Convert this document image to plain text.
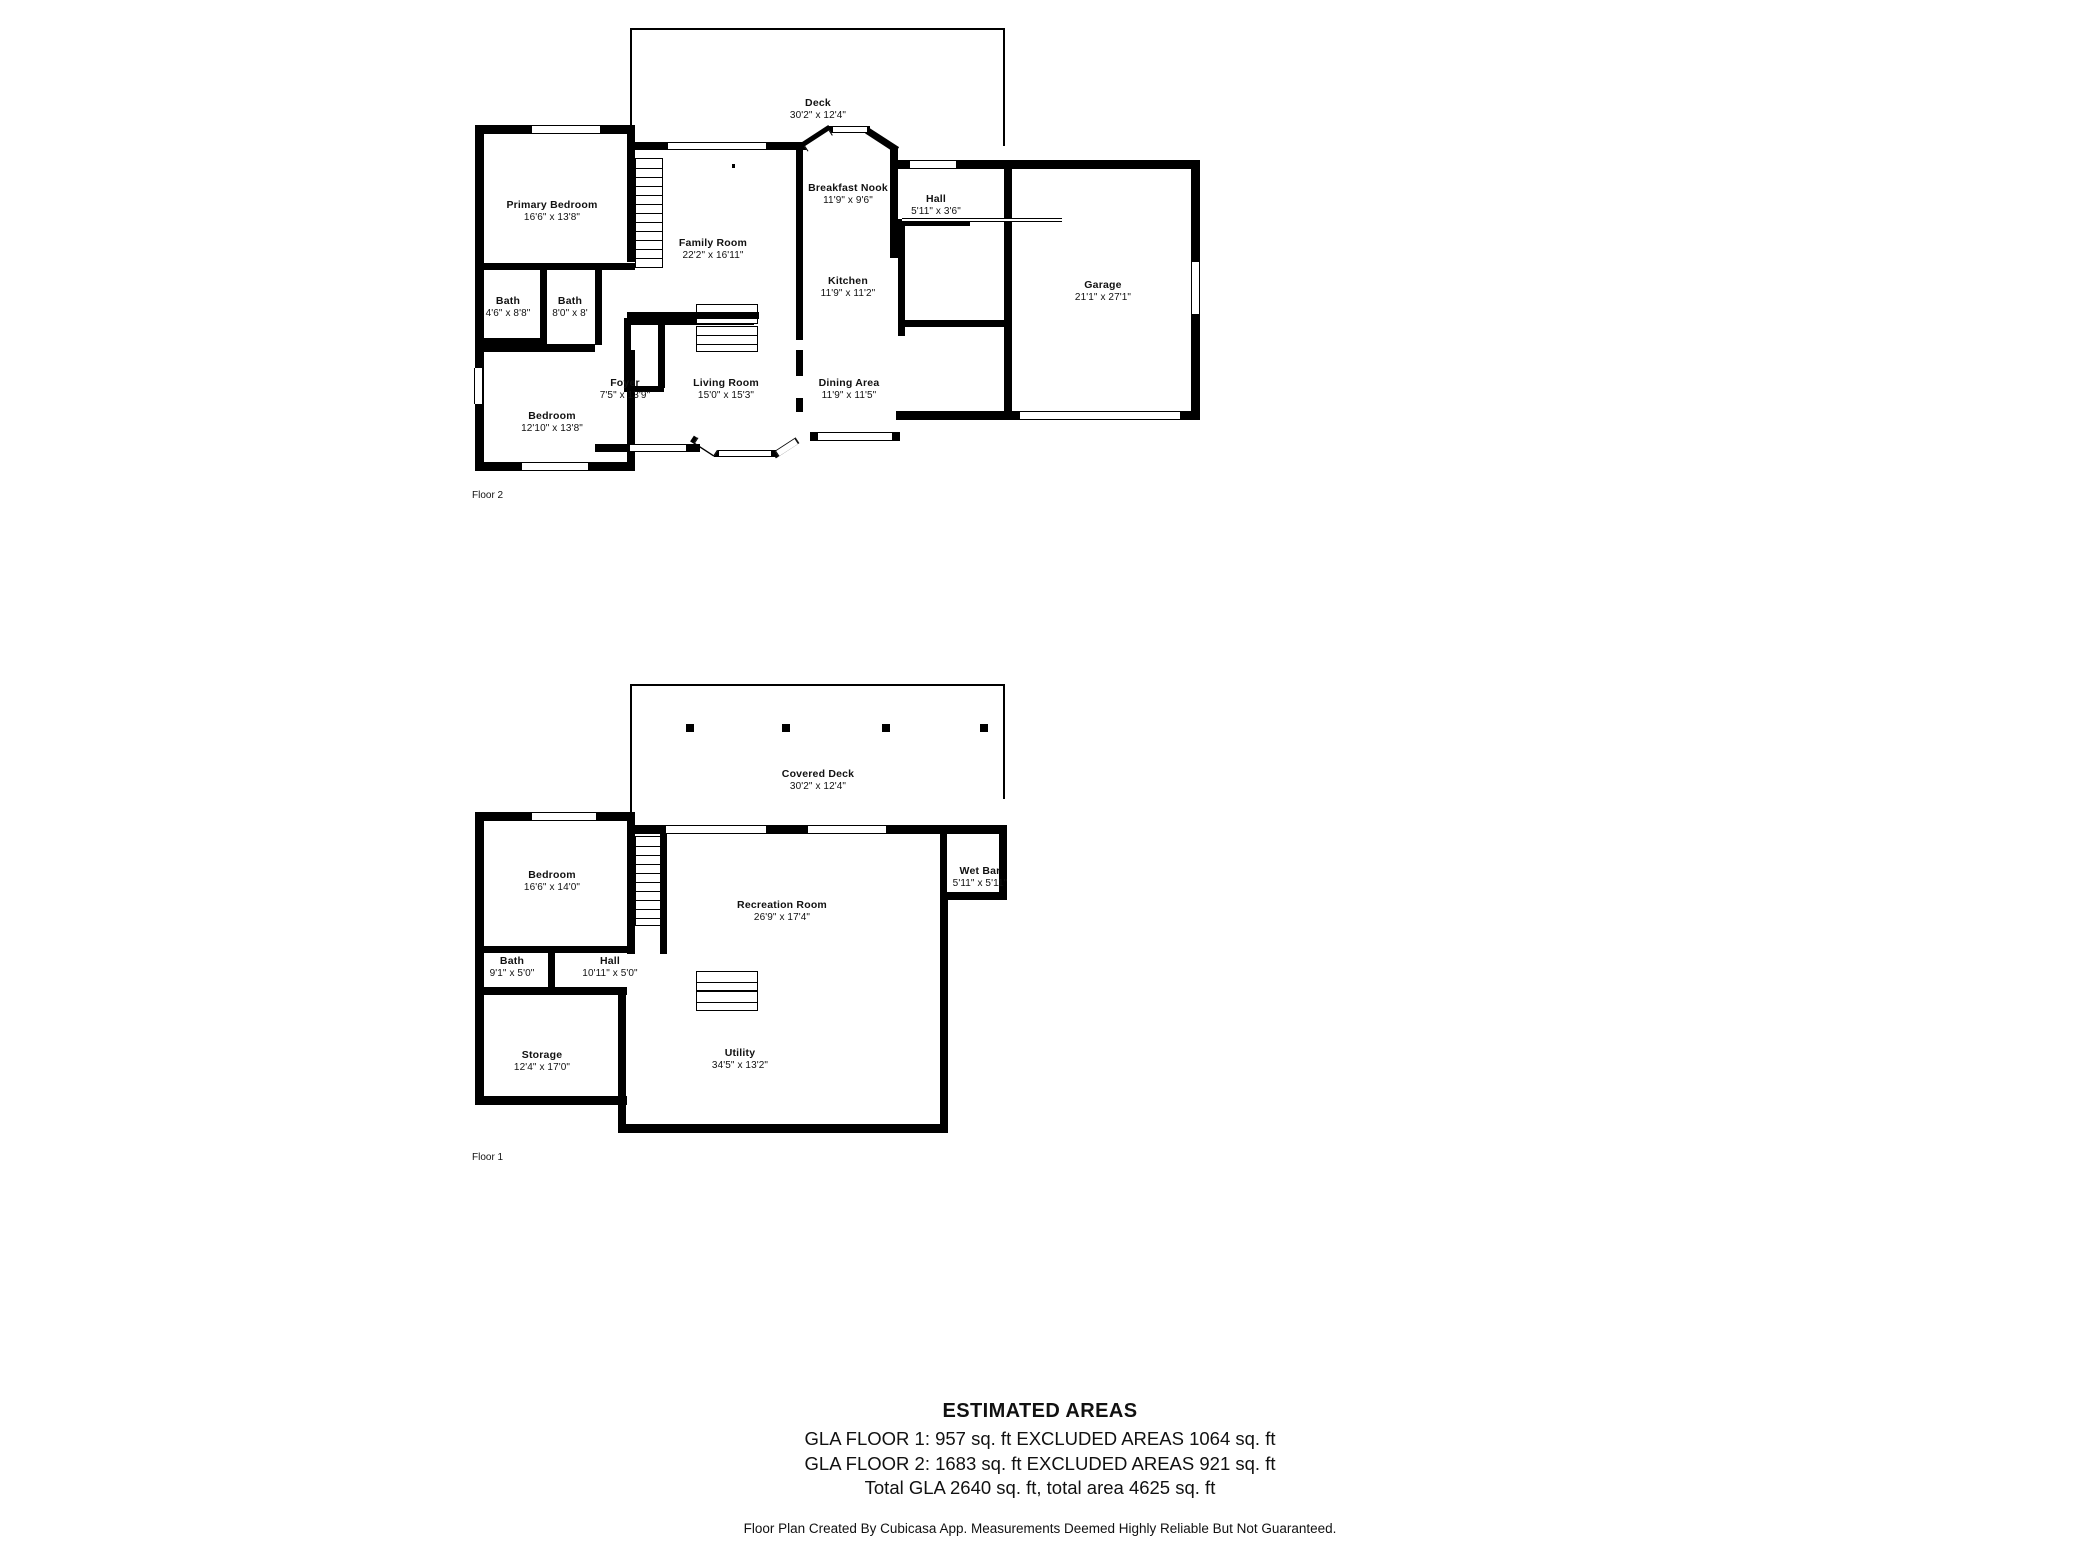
Deck
30'2" x 12'4"
Garage
21'1" x 27'1"
Hall
5'11" x 3'6"
Bath
4'6" x 8'8"
Bath
8'0" x 8'
Primary Bedroom
16'6" x 13'8"
Breakfast Nook
11'9" x 9'6"
Family Room
22'2" x 16'11"
Kitchen
11'9" x 11'2"
Foyer
7'5" x 13'9"
Living Room
15'0" x 15'3"
Dining Area
11'9" x 11'5"
Bedroom
12'10" x 13'8"
Floor 2
Covered Deck
30'2" x 12'4"
Wet Bar
5'11" x 5'11"
Bath
9'1" x 5'0"
Hall
10'11" x 5'0"
Bedroom
16'6" x 14'0"
Recreation Room
26'9" x 17'4"
Storage
12'4" x 17'0"
Utility
34'5" x 13'2"
Floor 1
ESTIMATED AREAS
GLA FLOOR 1: 957 sq. ft EXCLUDED AREAS 1064 sq. ft
GLA FLOOR 2: 1683 sq. ft EXCLUDED AREAS 921 sq. ft
Total GLA 2640 sq. ft, total area 4625 sq. ft
Floor Plan Created By Cubicasa App. Measurements Deemed Highly Reliable But Not Guaranteed.
